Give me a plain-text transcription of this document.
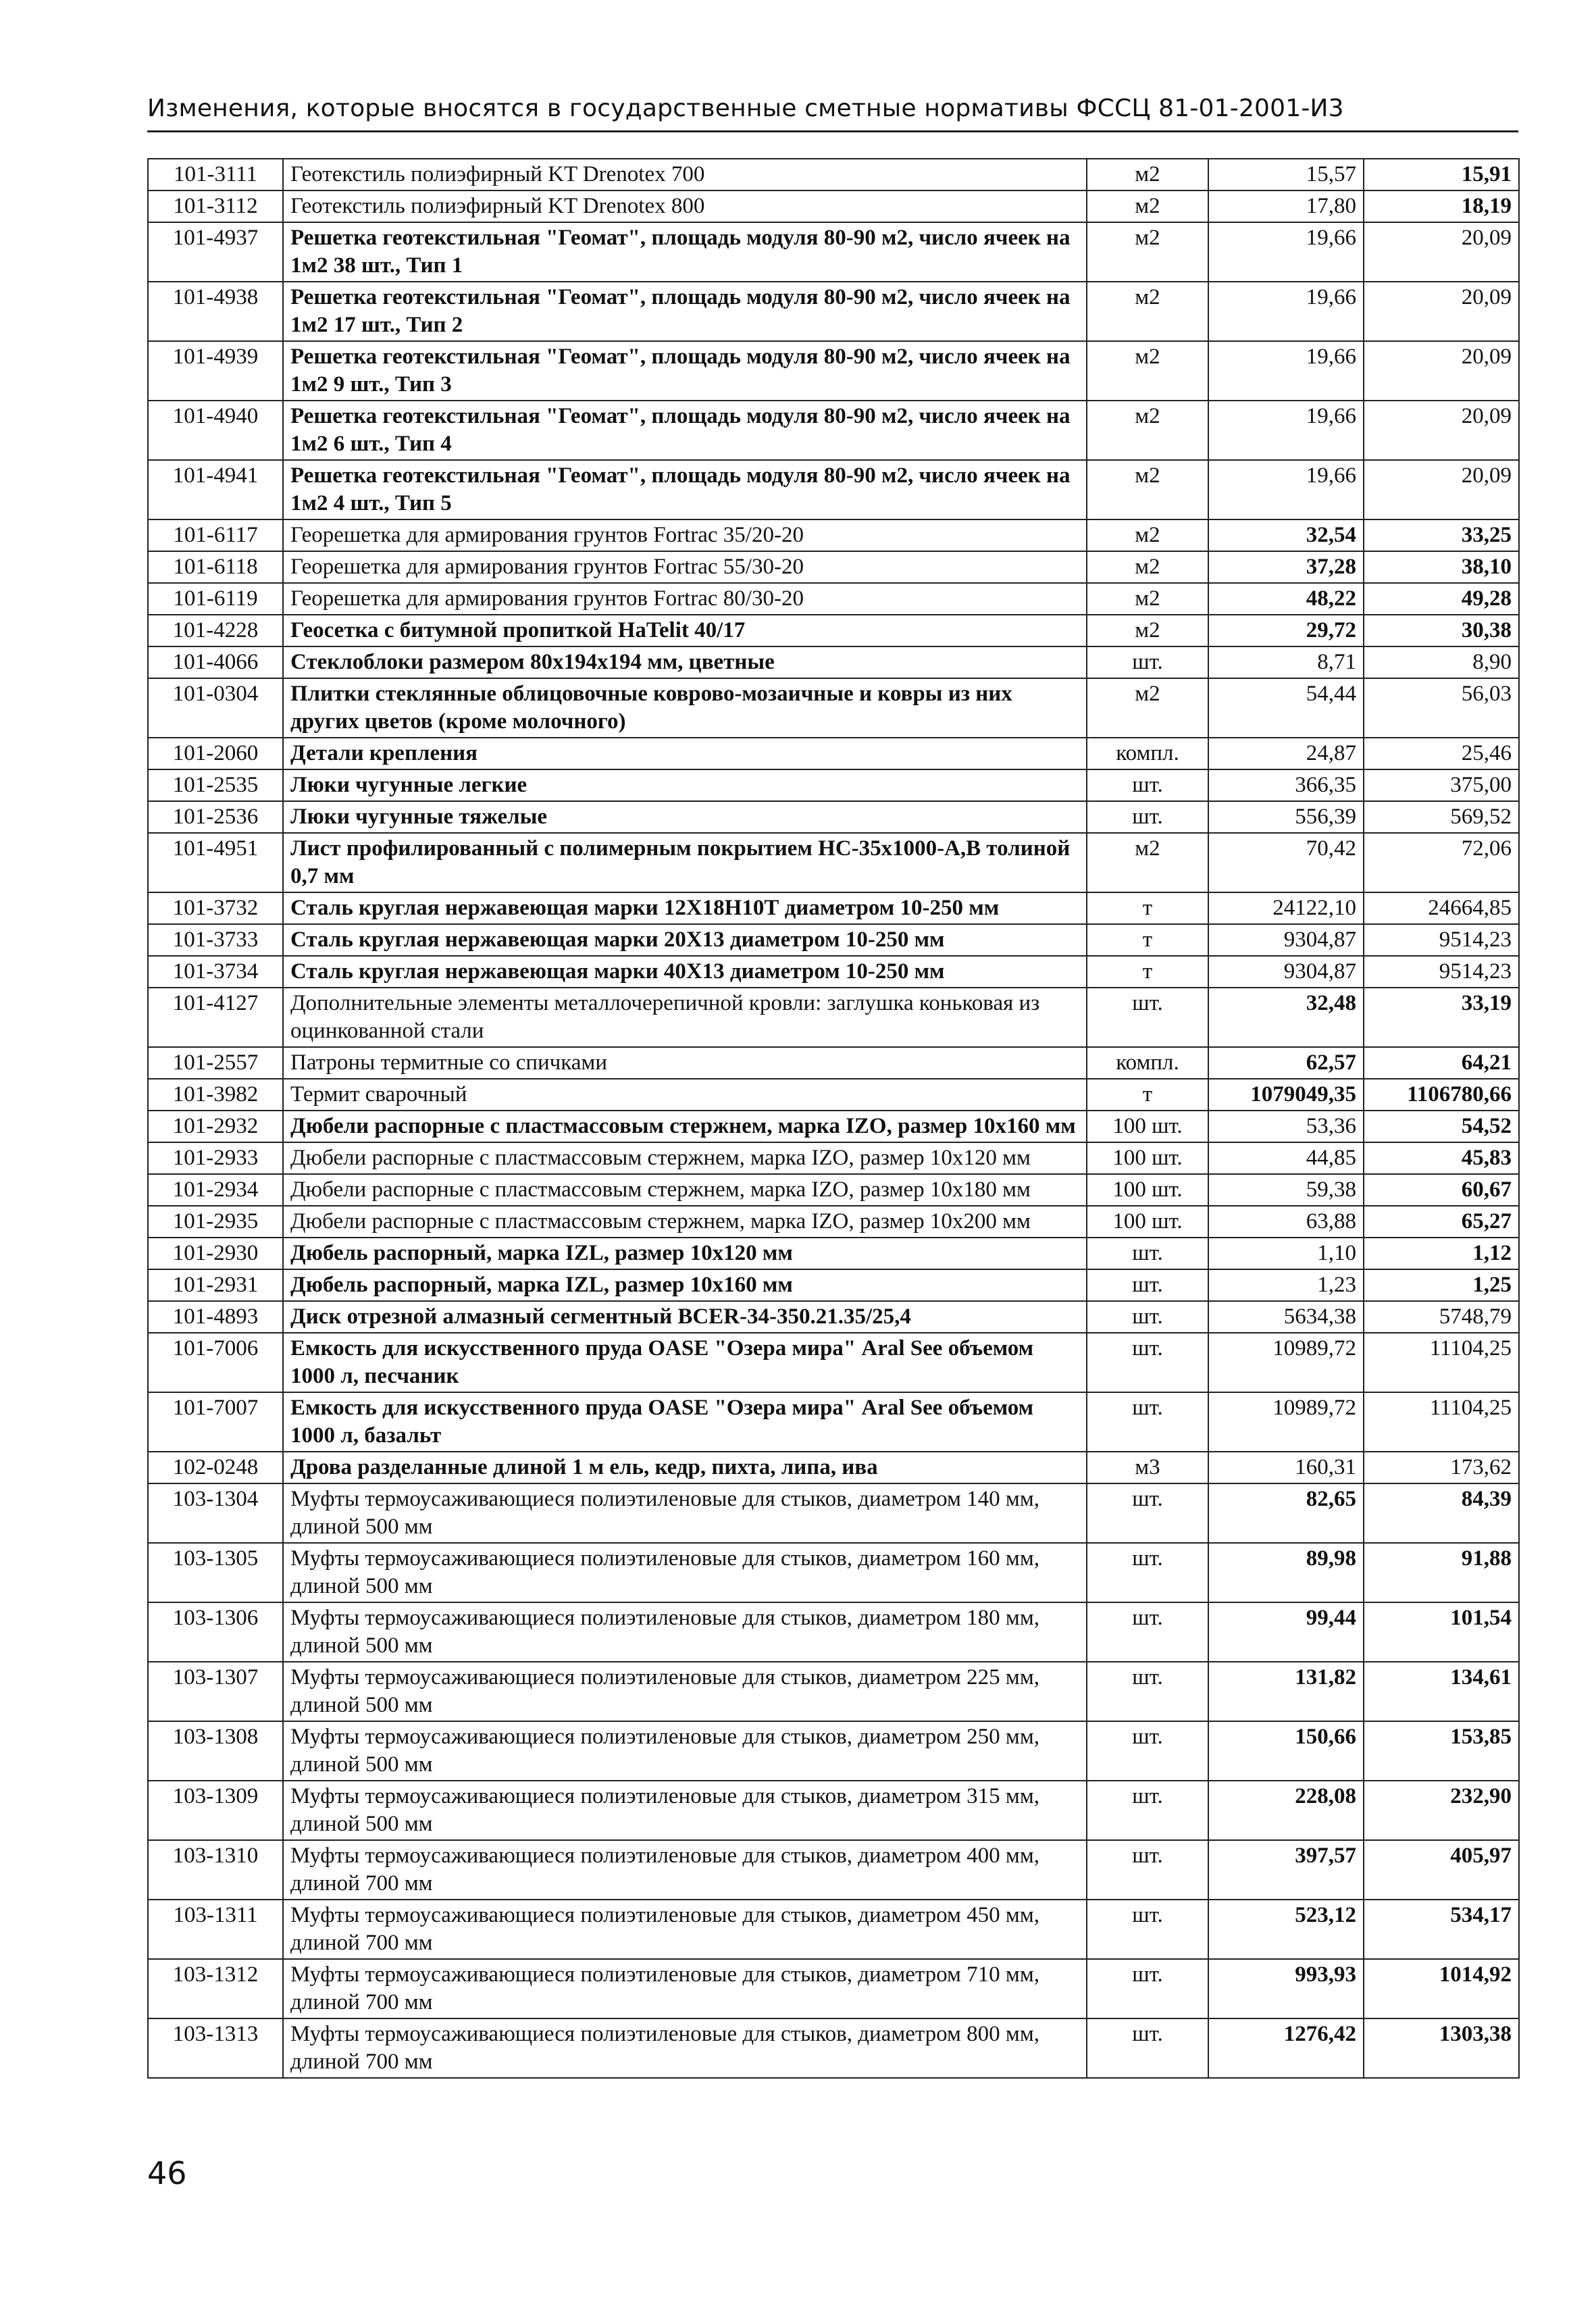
Изменения, которые вносятся в государственные сметные нормативы ФССЦ 81-01-2001-И3
101-3111	Геотекстиль полиэфирный KT Drenotex 700	м2	15,57	15,91
101-3112	Геотекстиль полиэфирный KT Drenotex 800	м2	17,80	18,19
101-4937	Решетка геотекстильная "Геомат", площадь модуля 80-90 м2, число ячеек на 1м2 38 шт., Тип 1	м2	19,66	20,09
101-4938	Решетка геотекстильная "Геомат", площадь модуля 80-90 м2, число ячеек на 1м2 17 шт., Тип 2	м2	19,66	20,09
101-4939	Решетка геотекстильная "Геомат", площадь модуля 80-90 м2, число ячеек на 1м2 9 шт., Тип 3	м2	19,66	20,09
101-4940	Решетка геотекстильная "Геомат", площадь модуля 80-90 м2, число ячеек на 1м2 6 шт., Тип 4	м2	19,66	20,09
101-4941	Решетка геотекстильная "Геомат", площадь модуля 80-90 м2, число ячеек на 1м2 4 шт., Тип 5	м2	19,66	20,09
101-6117	Георешетка для армирования грунтов Fortrac 35/20-20	м2	32,54	33,25
101-6118	Георешетка для армирования грунтов Fortrac 55/30-20	м2	37,28	38,10
101-6119	Георешетка для армирования грунтов Fortrac 80/30-20	м2	48,22	49,28
101-4228	Геосетка с битумной пропиткой HaTelit 40/17	м2	29,72	30,38
101-4066	Стеклоблоки размером 80х194х194 мм, цветные	шт.	8,71	8,90
101-0304	Плитки стеклянные облицовочные коврово-мозаичные и ковры из них других цветов (кроме молочного)	м2	54,44	56,03
101-2060	Детали крепления	компл.	24,87	25,46
101-2535	Люки чугунные легкие	шт.	366,35	375,00
101-2536	Люки чугунные тяжелые	шт.	556,39	569,52
101-4951	Лист профилированный с полимерным покрытием НС-35х1000-А,В толиной 0,7 мм	м2	70,42	72,06
101-3732	Сталь круглая нержавеющая марки 12Х18Н10Т диаметром 10-250 мм	т	24122,10	24664,85
101-3733	Сталь круглая нержавеющая марки 20Х13 диаметром 10-250 мм	т	9304,87	9514,23
101-3734	Сталь круглая нержавеющая марки 40Х13 диаметром 10-250 мм	т	9304,87	9514,23
101-4127	Дополнительные элементы металлочерепичной кровли: заглушка коньковая из оцинкованной стали	шт.	32,48	33,19
101-2557	Патроны термитные со спичками	компл.	62,57	64,21
101-3982	Термит сварочный	т	1079049,35	1106780,66
101-2932	Дюбели распорные с пластмассовым стержнем, марка IZO, размер 10х160 мм	100 шт.	53,36	54,52
101-2933	Дюбели распорные с пластмассовым стержнем, марка IZO, размер 10х120 мм	100 шт.	44,85	45,83
101-2934	Дюбели распорные с пластмассовым стержнем, марка IZO, размер 10х180 мм	100 шт.	59,38	60,67
101-2935	Дюбели распорные с пластмассовым стержнем, марка IZO, размер 10х200 мм	100 шт.	63,88	65,27
101-2930	Дюбель распорный, марка IZL, размер 10х120 мм	шт.	1,10	1,12
101-2931	Дюбель распорный, марка IZL, размер 10х160 мм	шт.	1,23	1,25
101-4893	Диск отрезной алмазный сегментный BCER-34-350.21.35/25,4	шт.	5634,38	5748,79
101-7006	Емкость для искусственного пруда OASE "Озера мира" Aral See объемом 1000 л, песчаник	шт.	10989,72	11104,25
101-7007	Емкость для искусственного пруда OASE "Озера мира" Aral See объемом 1000 л, базальт	шт.	10989,72	11104,25
102-0248	Дрова разделанные длиной 1 м ель, кедр, пихта, липа, ива	м3	160,31	173,62
103-1304	Муфты термоусаживающиеся полиэтиленовые для стыков, диаметром 140 мм, длиной 500 мм	шт.	82,65	84,39
103-1305	Муфты термоусаживающиеся полиэтиленовые для стыков, диаметром 160 мм, длиной 500 мм	шт.	89,98	91,88
103-1306	Муфты термоусаживающиеся полиэтиленовые для стыков, диаметром 180 мм, длиной 500 мм	шт.	99,44	101,54
103-1307	Муфты термоусаживающиеся полиэтиленовые для стыков, диаметром 225 мм, длиной 500 мм	шт.	131,82	134,61
103-1308	Муфты термоусаживающиеся полиэтиленовые для стыков, диаметром 250 мм, длиной 500 мм	шт.	150,66	153,85
103-1309	Муфты термоусаживающиеся полиэтиленовые для стыков, диаметром 315 мм, длиной 500 мм	шт.	228,08	232,90
103-1310	Муфты термоусаживающиеся полиэтиленовые для стыков, диаметром 400 мм, длиной 700 мм	шт.	397,57	405,97
103-1311	Муфты термоусаживающиеся полиэтиленовые для стыков, диаметром 450 мм, длиной 700 мм	шт.	523,12	534,17
103-1312	Муфты термоусаживающиеся полиэтиленовые для стыков, диаметром 710 мм, длиной 700 мм	шт.	993,93	1014,92
103-1313	Муфты термоусаживающиеся полиэтиленовые для стыков, диаметром 800 мм, длиной 700 мм	шт.	1276,42	1303,38
46
